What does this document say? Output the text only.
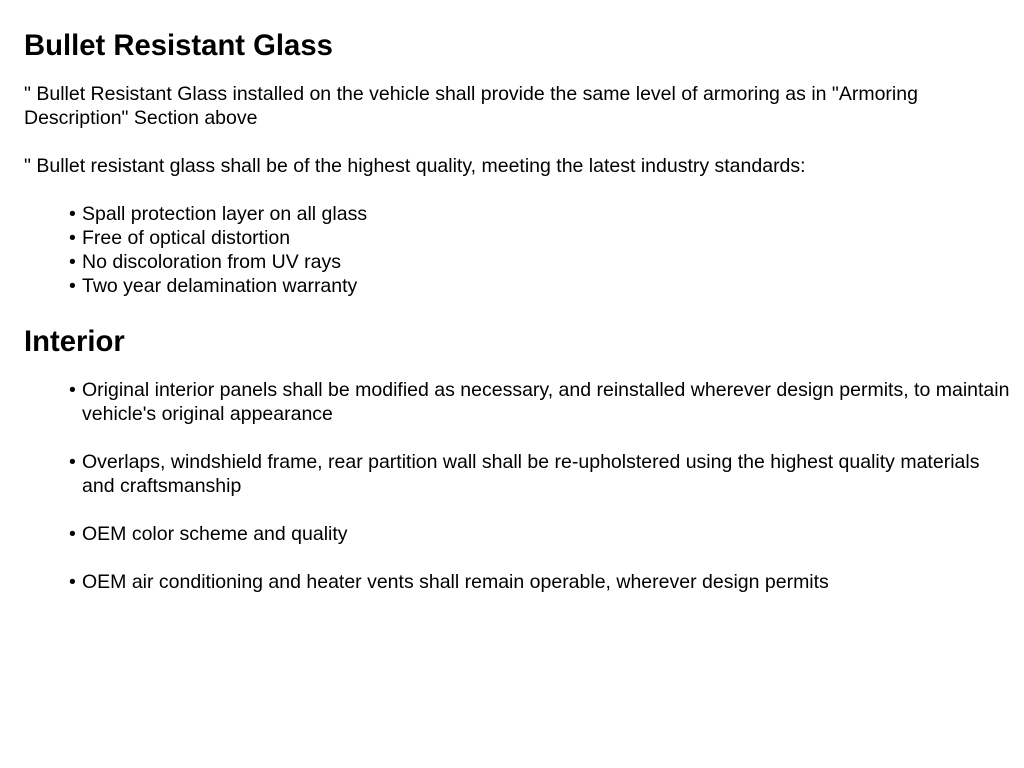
Bullet Resistant Glass

" Bullet Resistant Glass installed on the vehicle shall provide the same level of armoring as in "Armoring Description" Section above

" Bullet resistant glass shall be of the highest quality, meeting the latest industry standards:

• Spall protection layer on all glass
• Free of optical distortion
• No discoloration from UV rays
• Two year delamination warranty
Interior
• Original interior panels shall be modified as necessary, and reinstalled wherever design permits, to maintain vehicle's original appearance
• Overlaps, windshield frame, rear partition wall shall be re-upholstered using the highest quality materials and craftsmanship
• OEM color scheme and quality
• OEM air conditioning and heater vents shall remain operable, wherever design permits
